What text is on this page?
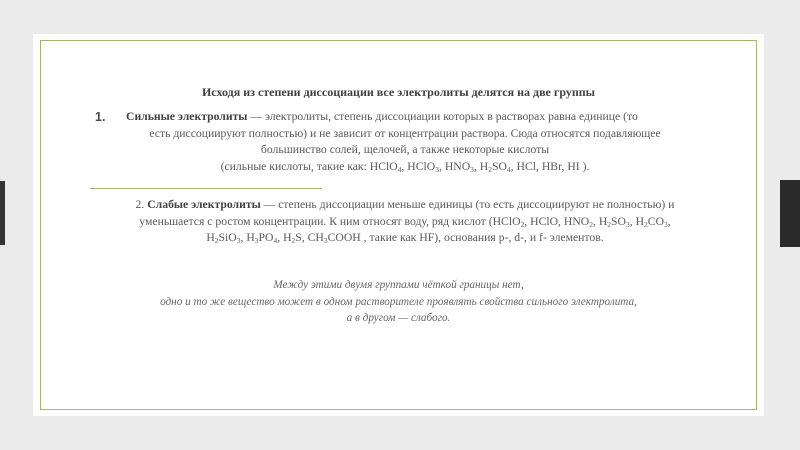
Исходя из степени диссоциации все электролиты делятся на две группы
1. Сильные электролиты — электролиты, степень диссоциации которых в растворах равна единице (то
есть диссоциируют полностью) и не зависит от концентрации раствора. Сюда относятся подавляющее
большинство солей, щелочей, а также некоторые кислоты
(сильные кислоты, такие как: HClO$_4$, HClO$_3$, $HNO_3$, $H_2SO_4$, HCl, HBr, HI ).
2. Слабые электролиты — степень диссоциации меньше единицы (то есть диссоциируют не полностью) и
уменьшается с ростом концентрации. К ним относят воду, ряд кислот (HClO$_2$, HClO, $HNO_2$, $H_2SO_3$, $H_2CO_3$,
$H_2SiO_3$, $H_3PO_4$, $H_2S$, $CH_3COOH$ , такие как HF), основания p-, d-, и f- элементов.
Между этими двумя группами чёткой границы нет,
одно и то же вещество может в одном растворителе проявлять свойства сильного электролита,
а в другом — слабого.
